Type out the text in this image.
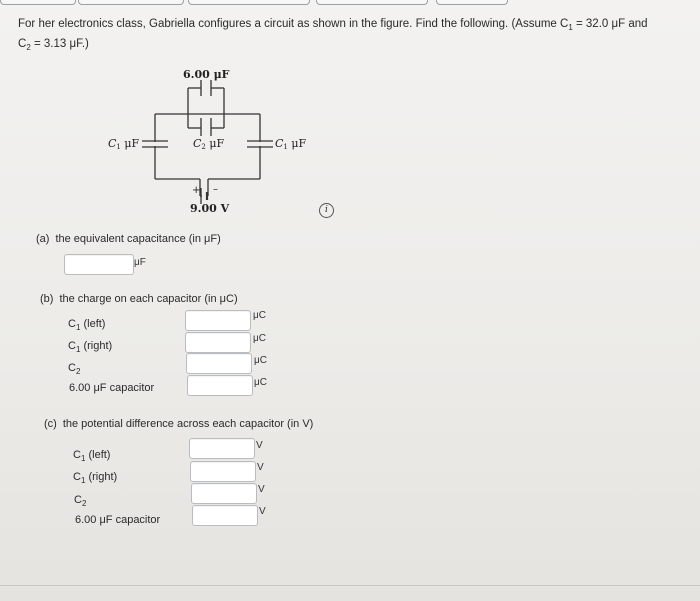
For her electronics class, Gabriella configures a circuit as shown in the figure. Find the following. (Assume $C_1 = 32.0$ μF and
$C_2 = 3.13$ μF.)
6.00 μF
C1 μF	C2 μF	C1 μF
+ –
9.00 V	i
(a) the equivalent capacitance (in μF)
μF
(b) the charge on each capacitor (in μC)
$C_1$ (left)
μC
$C_1$ (right)
μC
$C_2$
μC
6.00 μF capacitor	μC
(c) the potential difference across each capacitor (in V)
$C_1$ (left)
V
$C_1$ (right)
V
$C_2$
V
6.00 μF capacitor
V
